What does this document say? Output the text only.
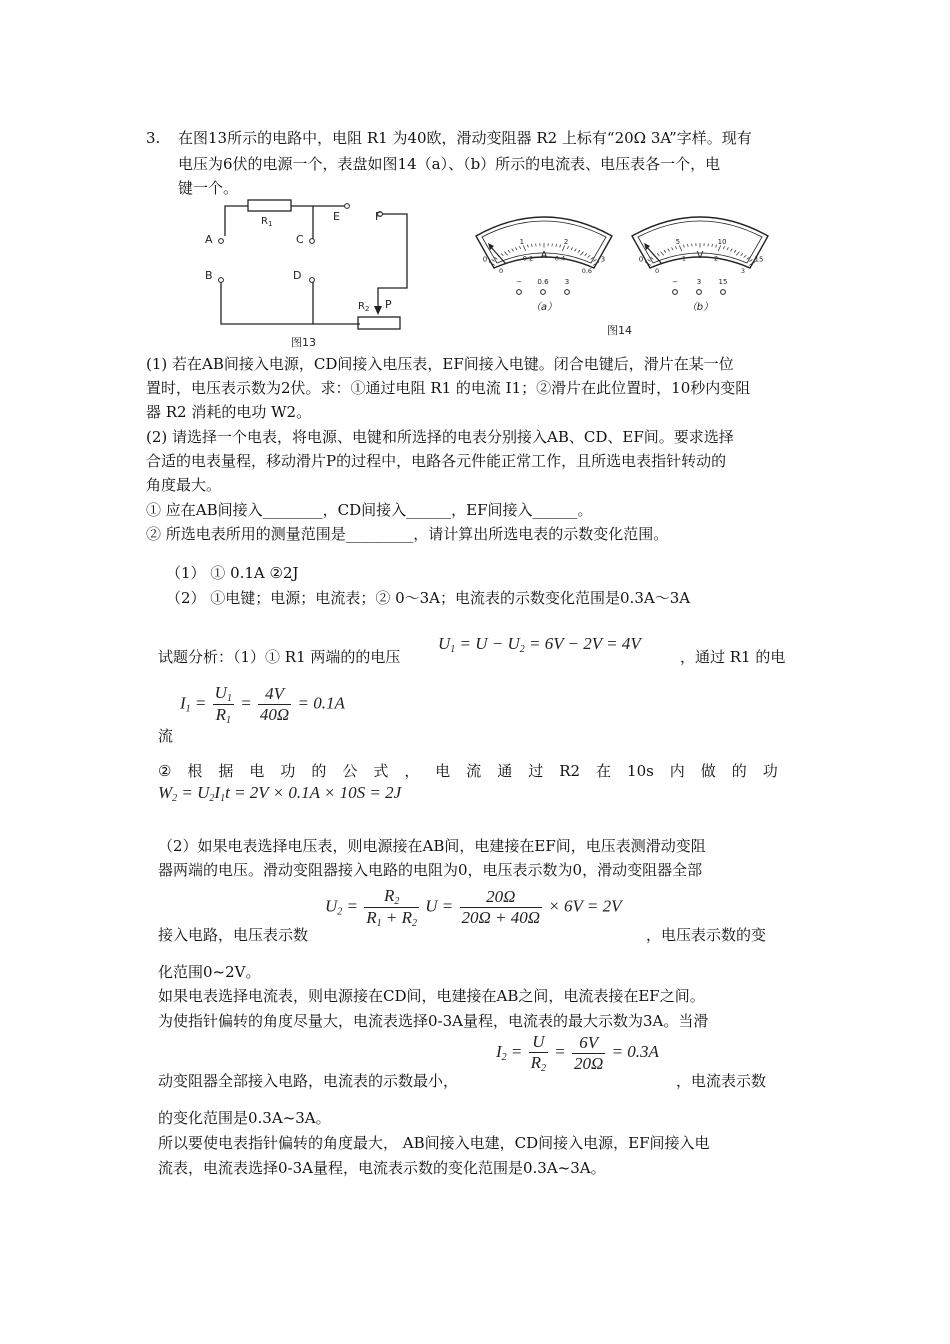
3. 在图13所示的电路中，电阻 R1 为40欧，滑动变阻器 R2 上标有“20Ω 3A”字样。现有
电压为6伏的电源一个，表盘如图14（a）、（b）所示的电流表、电压表各一个，电
键一个。
A
B
C
D
E	F
$R_1$
$R_2$ P
图13
0
1	2
3
0
0.2	0.4
0.6
A
− 0.6 3
（a）
0
5	10
15
0
1	2
3
V
−	3 15
（b）
图14
(1) 若在AB间接入电源，CD间接入电压表，EF间接入电键。闭合电键后，滑片在某一位
置时，电压表示数为2伏。求：①通过电阻 R1 的电流 I1；②滑片在此位置时，10秒内变阻
器 R2 消耗的电功 W2。
(2) 请选择一个电表，将电源、电键和所选择的电表分别接入AB、CD、EF间。要求选择
合适的电表量程，移动滑片P的过程中，电路各元件能正常工作，且所选电表指针转动的
角度最大。
① 应在AB间接入________，CD间接入______，EF间接入______。
② 所选电表所用的测量范围是_________，请计算出所选电表的示数变化范围。
（1） ① 0.1A ②2J
（2） ①电键；电源；电流表；② 0～3A；电流表的示数变化范围是0.3A～3A
试题分析：（1）① R1 两端的的电压
$U_1 = U - U_2 = 6V - 2V = 4V$
，通过 R1 的电
$I_1 = \frac{U_1}{R_1} = \frac{4V}{40\Omega} = 0.1A$
流
② 根 据 电 功 的 公 式 ， 电 流 通 过 R2 在 10s 内 做 的 功
$W_2 = U_2I_1t = 2V \times 0.1A \times 10S = 2J$
（2）如果电表选择电压表，则电源接在AB间，电建接在EF间，电压表测滑动变阻
器两端的电压。滑动变阻器接入电路的电阻为0，电压表示数为0，滑动变阻器全部
$U_2 = \frac{R_2}{R_1 + R_2}$ $U = \frac{20\Omega}{20\Omega + 40\Omega} \times 6V = 2V$
接入电路，电压表示数	，电压表示数的变
化范围0~2V。
如果电表选择电流表，则电源接在CD间，电建接在AB之间，电流表接在EF之间。
为使指针偏转的角度尽量大，电流表选择0-3A量程，电流表的最大示数为3A。当滑
$I_2 = \frac{U}{R_2} = \frac{6V}{20\Omega} = 0.3A$
动变阻器全部接入电路，电流表的示数最小，	，电流表示数
的变化范围是0.3A~3A。
所以要使电表指针偏转的角度最大， AB间接入电建，CD间接入电源，EF间接入电
流表，电流表选择0-3A量程，电流表示数的变化范围是0.3A~3A。
